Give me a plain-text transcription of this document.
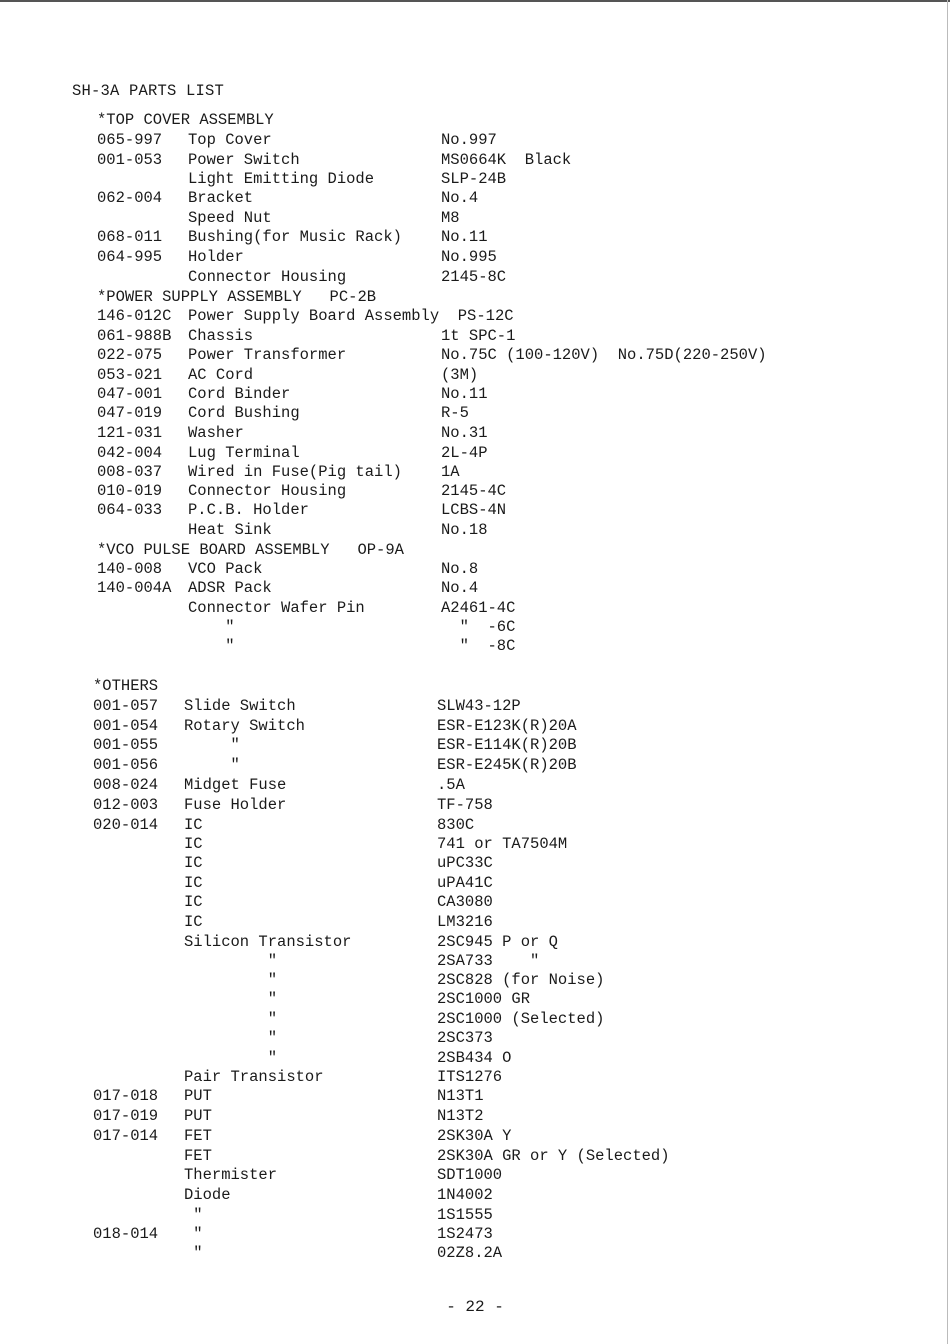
SH-3A PARTS LIST
*TOP COVER ASSEMBLY
065-997 Top Cover	No.997
001-053 Power Switch	MS0664K  Black
Light Emitting Diode	SLP-24B
062-004 Bracket	No.4
Speed Nut	M8
068-011 Bushing(for Music Rack)	No.11
064-995 Holder	No.995
Connector Housing	2145-8C
*POWER SUPPLY ASSEMBLY   PC-2B
146-012C Power Supply Board Assembly  PS-12C
061-988B Chassis	1t SPC-1
022-075 Power Transformer	No.75C (100-120V)  No.75D(220-250V)
053-021 AC Cord	(3M)
047-001 Cord Binder	No.11
047-019 Cord Bushing	R-5
121-031 Washer	No.31
042-004 Lug Terminal	2L-4P
008-037 Wired in Fuse(Pig tail)	1A
010-019 Connector Housing	2145-4C
064-033 P.C.B. Holder	LCBS-4N
Heat Sink	No.18
*VCO PULSE BOARD ASSEMBLY   OP-9A
140-008 VCO Pack	No.8
140-004A ADSR Pack	No.4
Connector Wafer Pin	A2461-4C
"	"  -6C
"	"  -8C
*OTHERS
001-057 Slide Switch	SLW43-12P
001-054 Rotary Switch	ESR-E123K(R)20A
001-055 "	ESR-E114K(R)20B
001-056 "	ESR-E245K(R)20B
008-024 Midget Fuse	.5A
012-003 Fuse Holder	TF-758
020-014 IC	830C
IC	741 or TA7504M
IC	uPC33C
IC	uPA41C
IC	CA3080
IC	LM3216
Silicon Transistor	2SC945 P or Q
"	2SA733    "
"	2SC828 (for Noise)
"	2SC1000 GR
"	2SC1000 (Selected)
"	2SC373
"	2SB434 O
Pair Transistor	ITS1276
017-018 PUT	N13T1
017-019 PUT	N13T2
017-014 FET	2SK30A Y
FET	2SK30A GR or Y (Selected)
Thermister	SDT1000
Diode	1N4002
"	1S1555
018-014 "	1S2473
"	02Z8.2A
- 22 -
